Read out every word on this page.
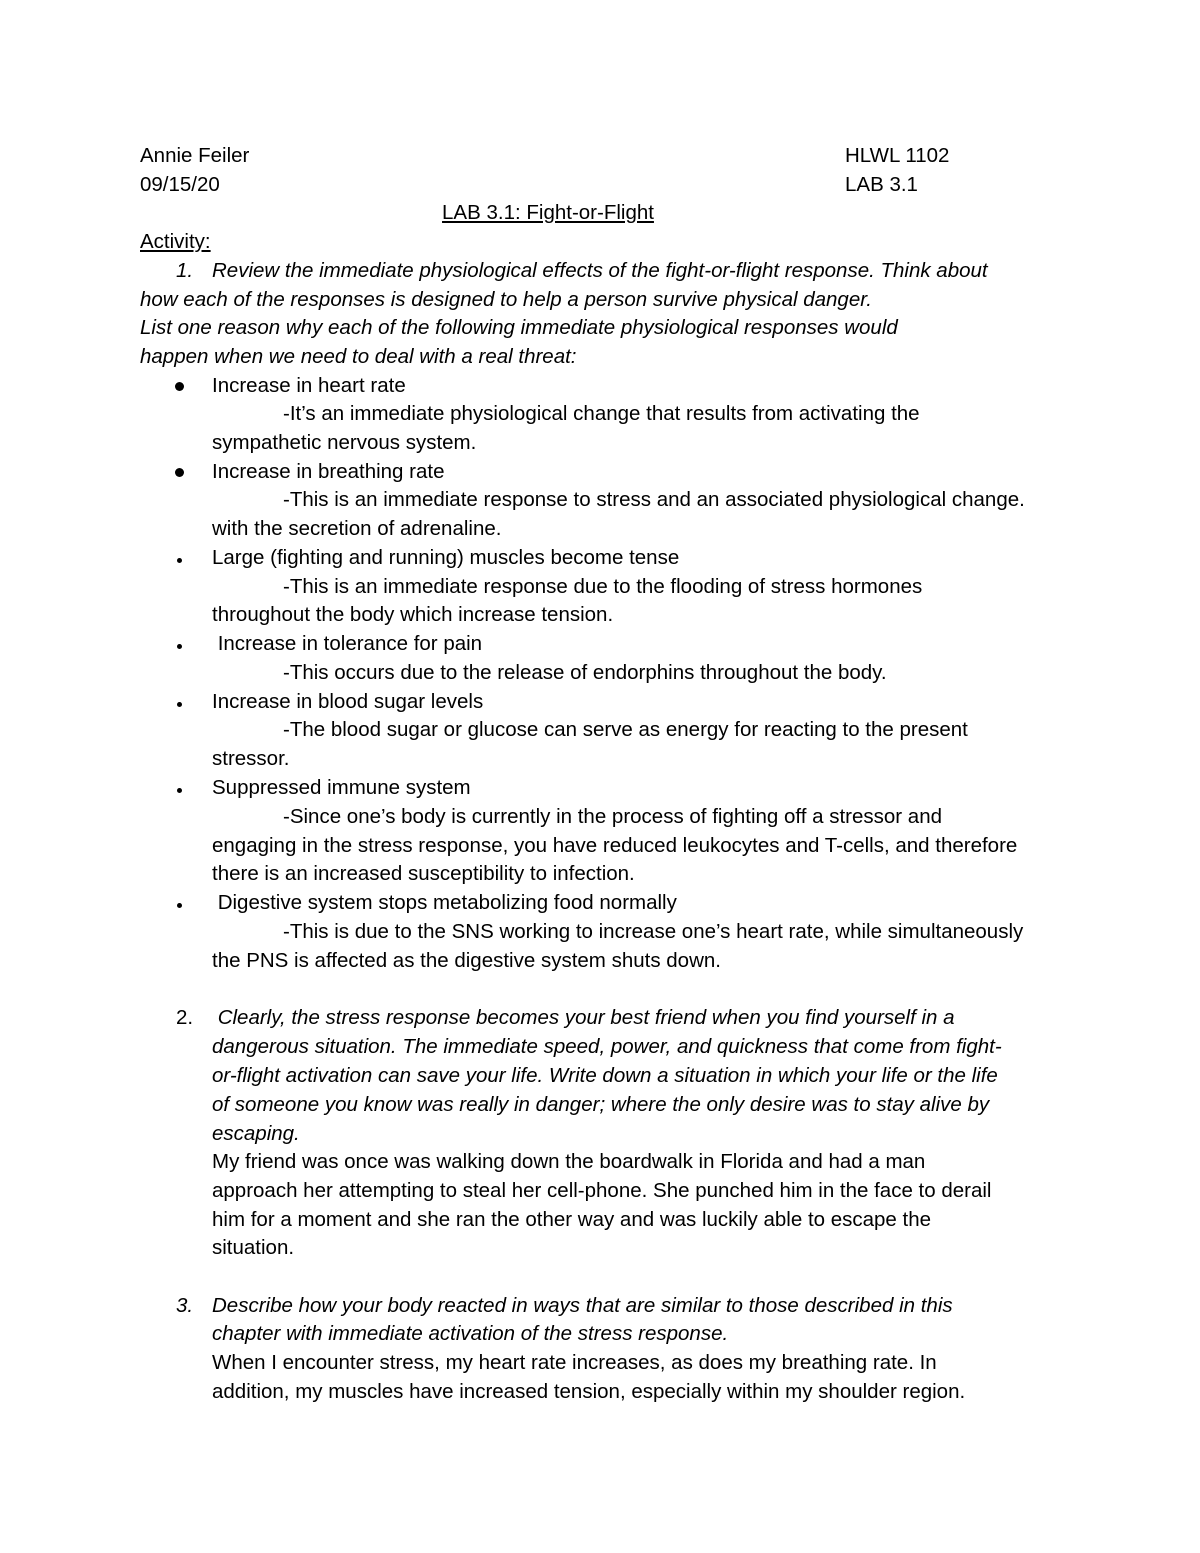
Annie Feiler
09/15/20
HLWL 1102
LAB 3.1
LAB 3.1: Fight-or-Flight
Activity:
1. Review the immediate physiological effects of the fight-or-flight response. Think about
how each of the responses is designed to help a person survive physical danger.
List one reason why each of the following immediate physiological responses would
happen when we need to deal with a real threat:
Increase in heart rate
-It’s an immediate physiological change that results from activating the
sympathetic nervous system.
Increase in breathing rate
-This is an immediate response to stress and an associated physiological change.
with the secretion of adrenaline.
Large (fighting and running) muscles become tense
-This is an immediate response due to the flooding of stress hormones
throughout the body which increase tension.
Increase in tolerance for pain
-This occurs due to the release of endorphins throughout the body.
Increase in blood sugar levels
-The blood sugar or glucose can serve as energy for reacting to the present
stressor.
Suppressed immune system
-Since one’s body is currently in the process of fighting off a stressor and
engaging in the stress response, you have reduced leukocytes and T-cells, and therefore
there is an increased susceptibility to infection.
Digestive system stops metabolizing food normally
-This is due to the SNS working to increase one’s heart rate, while simultaneously
the PNS is affected as the digestive system shuts down.
2. Clearly, the stress response becomes your best friend when you find yourself in a
dangerous situation. The immediate speed, power, and quickness that come from fight-
or-flight activation can save your life. Write down a situation in which your life or the life
of someone you know was really in danger; where the only desire was to stay alive by
escaping.
My friend was once was walking down the boardwalk in Florida and had a man
approach her attempting to steal her cell-phone. She punched him in the face to derail
him for a moment and she ran the other way and was luckily able to escape the
situation.
3. Describe how your body reacted in ways that are similar to those described in this
chapter with immediate activation of the stress response.
When I encounter stress, my heart rate increases, as does my breathing rate. In
addition, my muscles have increased tension, especially within my shoulder region.
